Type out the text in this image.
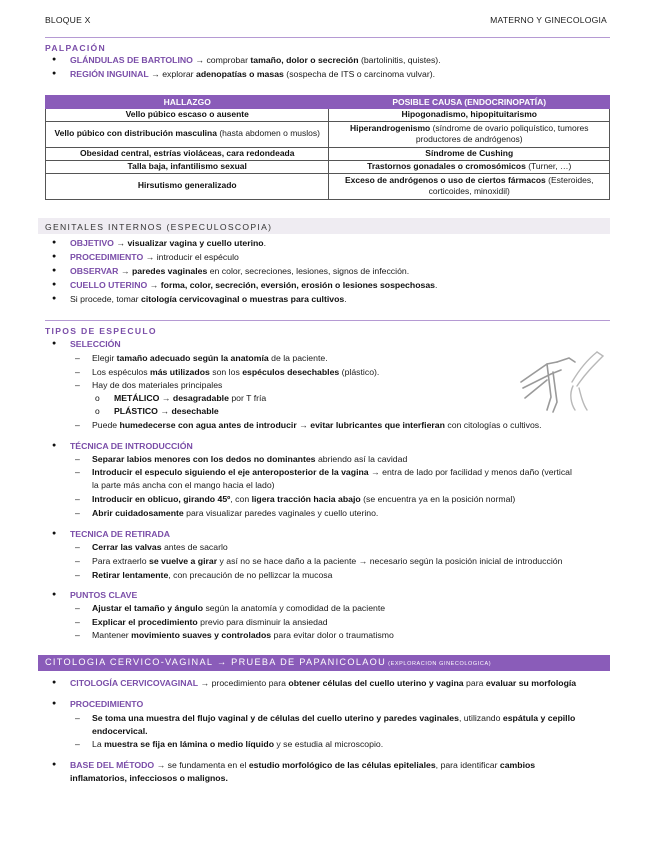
BLOQUE X	MATERNO Y GINECOLOGIA
PALPACIÓN
● GLÁNDULAS DE BARTOLINO → comprobar tamaño, dolor o secreción (bartolinitis, quistes).
● REGIÓN INGUINAL → explorar adenopatías o masas (sospecha de ITS o carcinoma vulvar).
HALLAZGO	POSIBLE CAUSA (ENDOCRINOPATÍA)
Vello púbico escaso o ausente	Hipogonadismo, hipopituitarismo
Vello púbico con distribución masculina (hasta abdomen o muslos)	Hiperandrogenismo (síndrome de ovario poliquístico, tumores productores de andrógenos)
Obesidad central, estrías violáceas, cara redondeada	Síndrome de Cushing
Talla baja, infantilismo sexual	Trastornos gonadales o cromosómicos (Turner, …)
Hirsutismo generalizado	Exceso de andrógenos o uso de ciertos fármacos (Esteroides, corticoides, minoxidil)
GENITALES INTERNOS (ESPECULOSCOPIA)
● OBJETIVO → visualizar vagina y cuello uterino.
● PROCEDIMIENTO → introducir el espéculo
● OBSERVAR → paredes vaginales en color, secreciones, lesiones, signos de infección.
● CUELLO UTERINO → forma, color, secreción, eversión, erosión o lesiones sospechosas.
● Si procede, tomar citología cervicovaginal o muestras para cultivos.
TIPOS DE ESPECULO
● SELECCIÓN
– Elegir tamaño adecuado según la anatomía de la paciente.
– Los espéculos más utilizados son los espéculos desechables (plástico).
– Hay de dos materiales principales
o METÁLICO → desagradable por T fría
o PLÁSTICO → desechable
– Puede humedecerse con agua antes de introducir → evitar lubricantes que interfieran con citologías o cultivos.
● TÉCNICA DE INTRODUCCIÓN
– Separar labios menores con los dedos no dominantes abriendo así la cavidad
– Introducir el especulo siguiendo el eje anteroposterior de la vagina → entra de lado por facilidad y menos daño (vertical
la parte más ancha con el mango hacia el lado)
– Introducir en oblicuo, girando 45º, con ligera tracción hacia abajo (se encuentra ya en la posición normal)
– Abrir cuidadosamente para visualizar paredes vaginales y cuello uterino.
● TECNICA DE RETIRADA
– Cerrar las valvas antes de sacarlo
– Para extraerlo se vuelve a girar y así no se hace daño a la paciente → necesario según la posición inicial de introducción
– Retirar lentamente, con precaución de no pellizcar la mucosa
● PUNTOS CLAVE
– Ajustar el tamaño y ángulo según la anatomía y comodidad de la paciente
– Explicar el procedimiento previo para disminuir la ansiedad
– Mantener movimiento suaves y controlados para evitar dolor o traumatismo
CITOLOGIA CERVICO-VAGINAL → PRUEBA DE PAPANICOLAOU (EXPLORACION GINECOLOGICA)
● CITOLOGÍA CERVICOVAGINAL → procedimiento para obtener células del cuello uterino y vagina para evaluar su morfología
● PROCEDIMIENTO
– Se toma una muestra del flujo vaginal y de células del cuello uterino y paredes vaginales, utilizando espátula y cepillo
endocervical.
– La muestra se fija en lámina o medio líquido y se estudia al microscopio.
● BASE DEL MÉTODO → se fundamenta en el estudio morfológico de las células epiteliales, para identificar cambios
inflamatorios, infecciosos o malignos.
